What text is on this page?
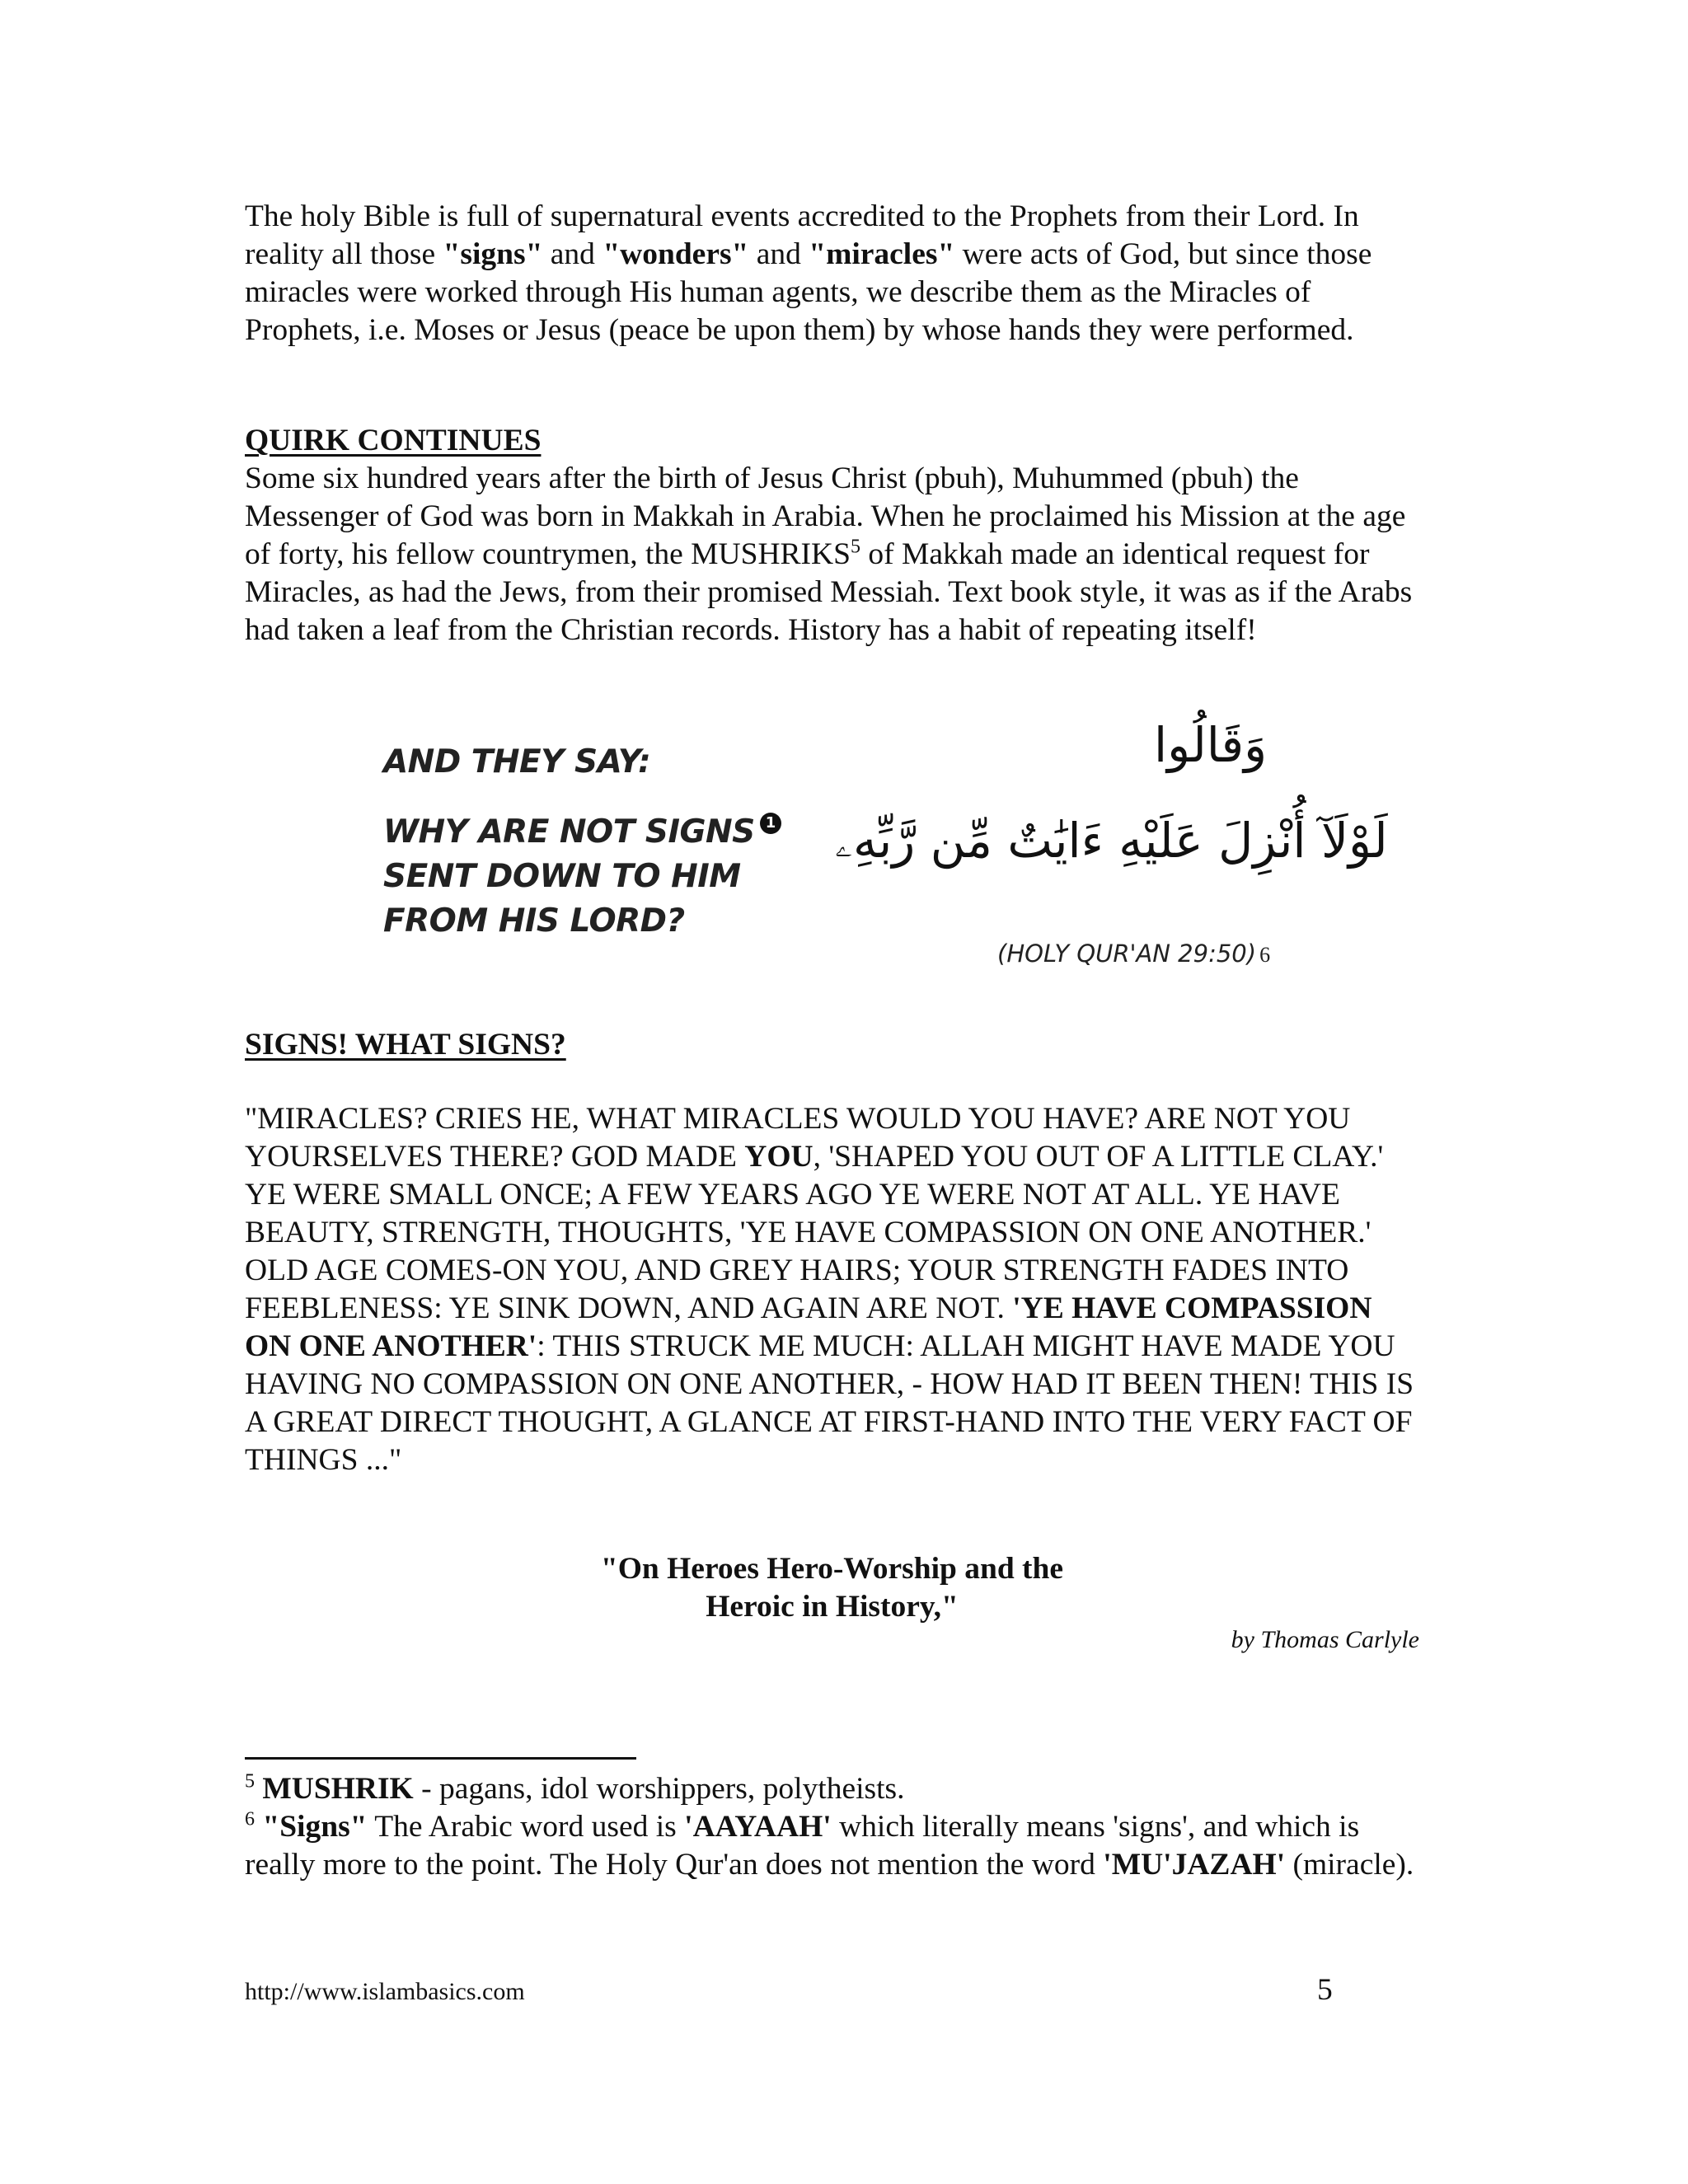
The holy Bible is full of supernatural events accredited to the Prophets from their Lord. In reality all those "signs" and "wonders" and "miracles" were acts of God, but since those miracles were worked through His human agents, we describe them as the Miracles of Prophets, i.e. Moses or Jesus (peace be upon them) by whose hands they were performed.

QUIRK CONTINUES

Some six hundred years after the birth of Jesus Christ (pbuh), Muhummed (pbuh) the Messenger of God was born in Makkah in Arabia. When he proclaimed his Mission at the age of forty, his fellow countrymen, the MUSHRIKS$^5$ of Makkah made an identical request for Miracles, as had the Jews, from their promised Messiah. Text book style, it was as if the Arabs had taken a leaf from the Christian records. History has a habit of repeating itself!

AND THEY SAY:
WHY ARE NOT SIGNS 1
SENT DOWN TO HIM
FROM HIS LORD?
وَقَالُوا
لَوْلَآ أُنْزِلَ عَلَيْهِ ءَايَٰتٌ مِّن رَّبِّهِۦ
(HOLY QUR'AN 29:50) 6

SIGNS! WHAT SIGNS?

"MIRACLES? CRIES HE, WHAT MIRACLES WOULD YOU HAVE? ARE NOT YOU YOURSELVES THERE? GOD MADE YOU, 'SHAPED YOU OUT OF A LITTLE CLAY.' YE WERE SMALL ONCE; A FEW YEARS AGO YE WERE NOT AT ALL. YE HAVE BEAUTY, STRENGTH, THOUGHTS, 'YE HAVE COMPASSION ON ONE ANOTHER.' OLD AGE COMES-ON YOU, AND GREY HAIRS; YOUR STRENGTH FADES INTO FEEBLENESS: YE SINK DOWN, AND AGAIN ARE NOT. 'YE HAVE COMPASSION ON ONE ANOTHER': THIS STRUCK ME MUCH: ALLAH MIGHT HAVE MADE YOU HAVING NO COMPASSION ON ONE ANOTHER, - HOW HAD IT BEEN THEN! THIS IS A GREAT DIRECT THOUGHT, A GLANCE AT FIRST-HAND INTO THE VERY FACT OF THINGS ..."

"On Heroes Hero-Worship and the
Heroic in History,"
by Thomas Carlyle

$^5$ MUSHRIK - pagans, idol worshippers, polytheists.

$^6$ "Signs" The Arabic word used is 'AAYAAH' which literally means 'signs', and which is really more to the point. The Holy Qur'an does not mention the word 'MU'JAZAH' (miracle).

http://www.islambasics.com	5
